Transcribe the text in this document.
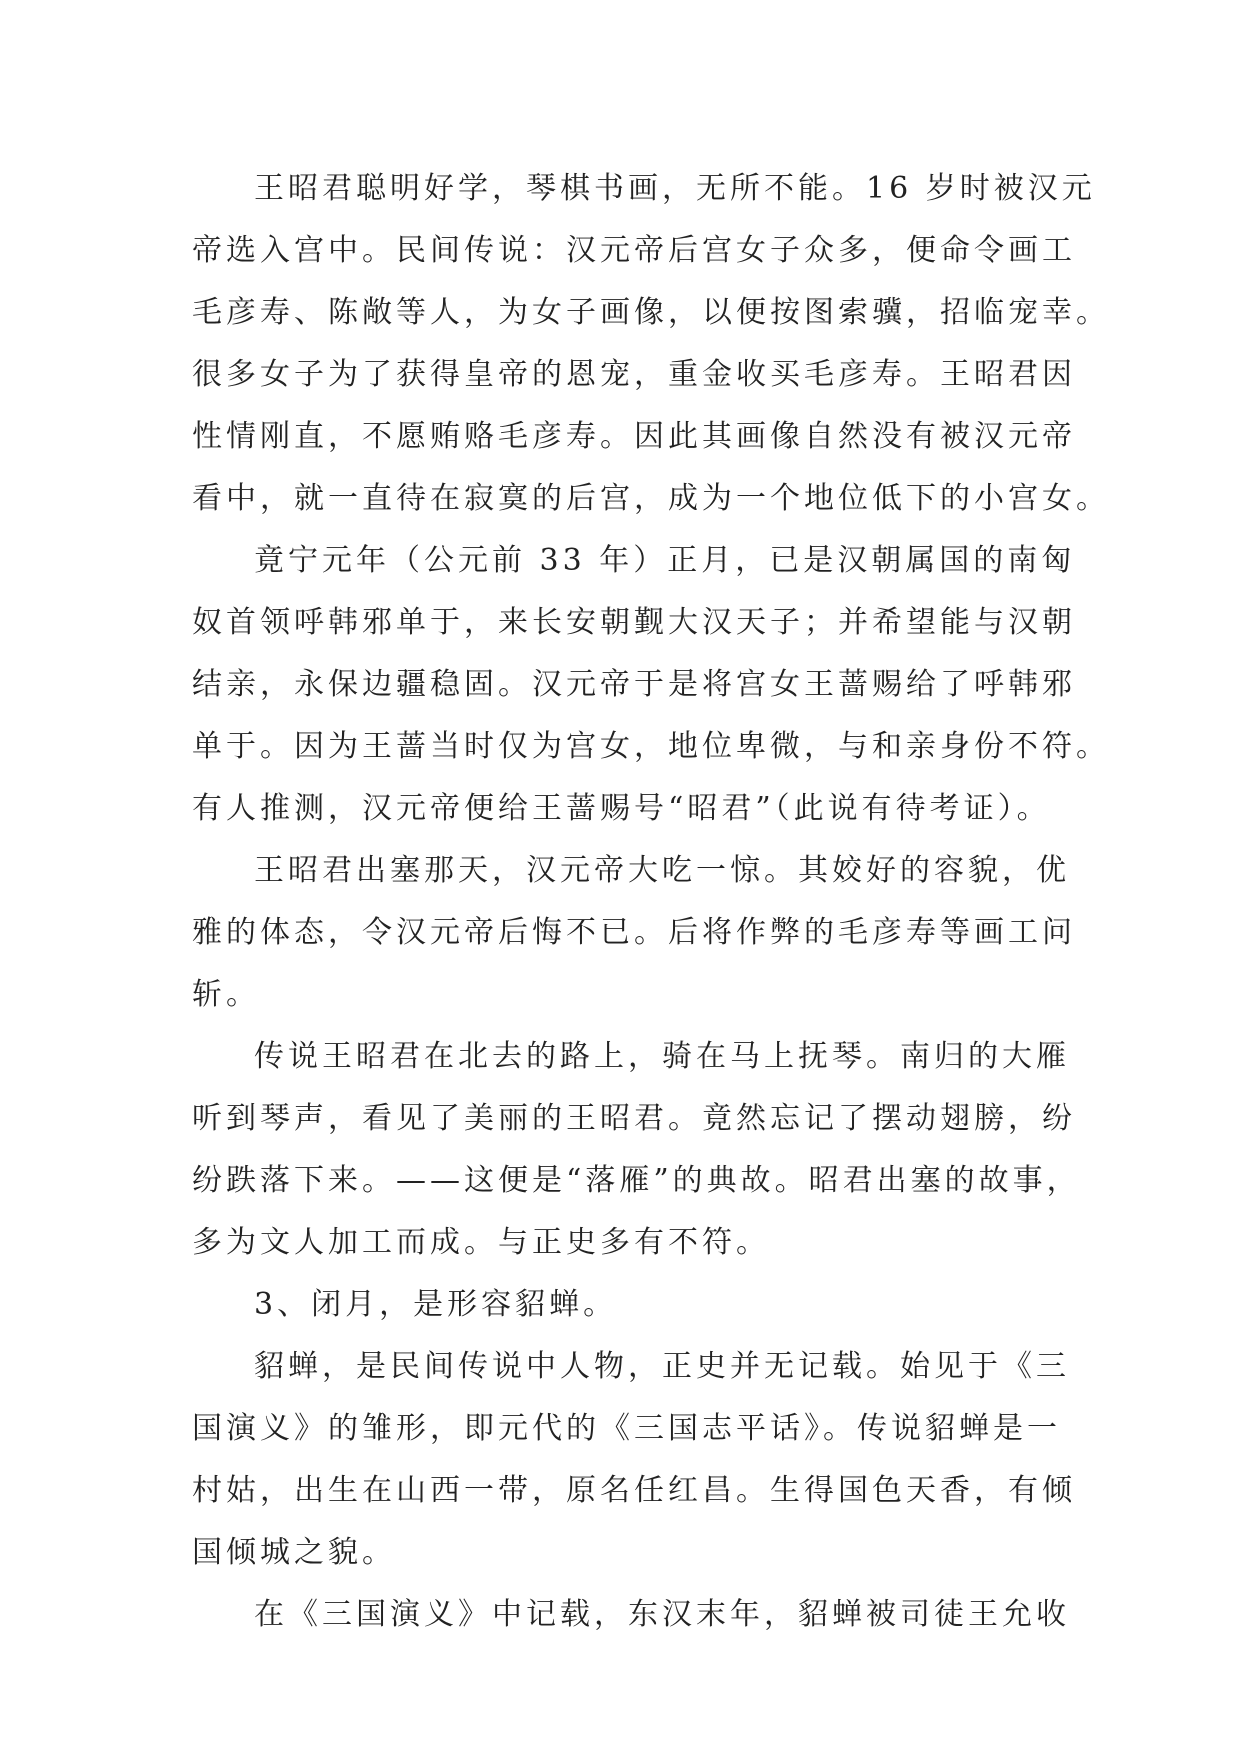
王昭君聪明好学，琴棋书画，无所不能。16 岁时被汉元
帝选入宫中。民间传说：汉元帝后宫女子众多，便命令画工
毛彦寿、陈敞等人，为女子画像，以便按图索骥，招临宠幸。
很多女子为了获得皇帝的恩宠，重金收买毛彦寿。王昭君因
性情刚直，不愿贿赂毛彦寿。因此其画像自然没有被汉元帝
看中，就一直待在寂寞的后宫，成为一个地位低下的小宫女。
竟宁元年（公元前 33 年）正月，已是汉朝属国的南匈
奴首领呼韩邪单于，来长安朝觐大汉天子；并希望能与汉朝
结亲，永保边疆稳固。汉元帝于是将宫女王蔷赐给了呼韩邪
单于。因为王蔷当时仅为宫女，地位卑微，与和亲身份不符。
有人推测，汉元帝便给王蔷赐号“昭君”（此说有待考证）。
王昭君出塞那天，汉元帝大吃一惊。其姣好的容貌，优
雅的体态，令汉元帝后悔不已。后将作弊的毛彦寿等画工问
斩。
传说王昭君在北去的路上，骑在马上抚琴。南归的大雁
听到琴声，看见了美丽的王昭君。竟然忘记了摆动翅膀，纷
纷跌落下来。——这便是“落雁”的典故。昭君出塞的故事，
多为文人加工而成。与正史多有不符。
3、闭月，是形容貂蝉。
貂蝉，是民间传说中人物，正史并无记载。始见于《三
国演义》的雏形，即元代的《三国志平话》。传说貂蝉是一
村姑，出生在山西一带，原名任红昌。生得国色天香，有倾
国倾城之貌。
在《三国演义》中记载，东汉末年，貂蝉被司徒王允收
